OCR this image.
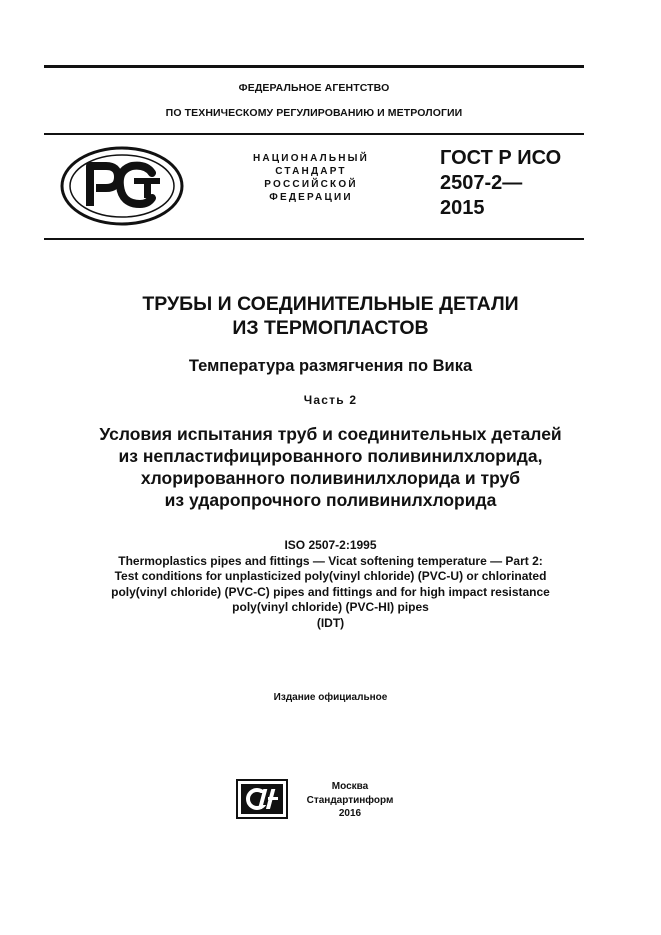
ФЕДЕРАЛЬНОЕ АГЕНТСТВО
ПО ТЕХНИЧЕСКОМУ РЕГУЛИРОВАНИЮ И МЕТРОЛОГИИ
НАЦИОНАЛЬНЫЙ
СТАНДАРТ
РОССИЙСКОЙ
ФЕДЕРАЦИИ
ГОСТ Р ИСО
2507-2—
2015
ТРУБЫ И СОЕДИНИТЕЛЬНЫЕ ДЕТАЛИ
ИЗ ТЕРМОПЛАСТОВ
Температура размягчения по Вика
Часть 2
Условия испытания труб и соединительных деталей
из непластифицированного поливинилхлорида,
хлорированного поливинилхлорида и труб
из ударопрочного поливинилхлорида
ISO 2507-2:1995
Thermoplastics pipes and fittings — Vicat softening temperature — Part 2:
Test conditions for unplasticized poly(vinyl chloride) (PVC-U) or chlorinated
poly(vinyl chloride) (PVC-C) pipes and fittings and for high impact resistance
poly(vinyl chloride) (PVC-HI) pipes
(IDT)
Издание официальное
Москва
Стандартинформ
2016
